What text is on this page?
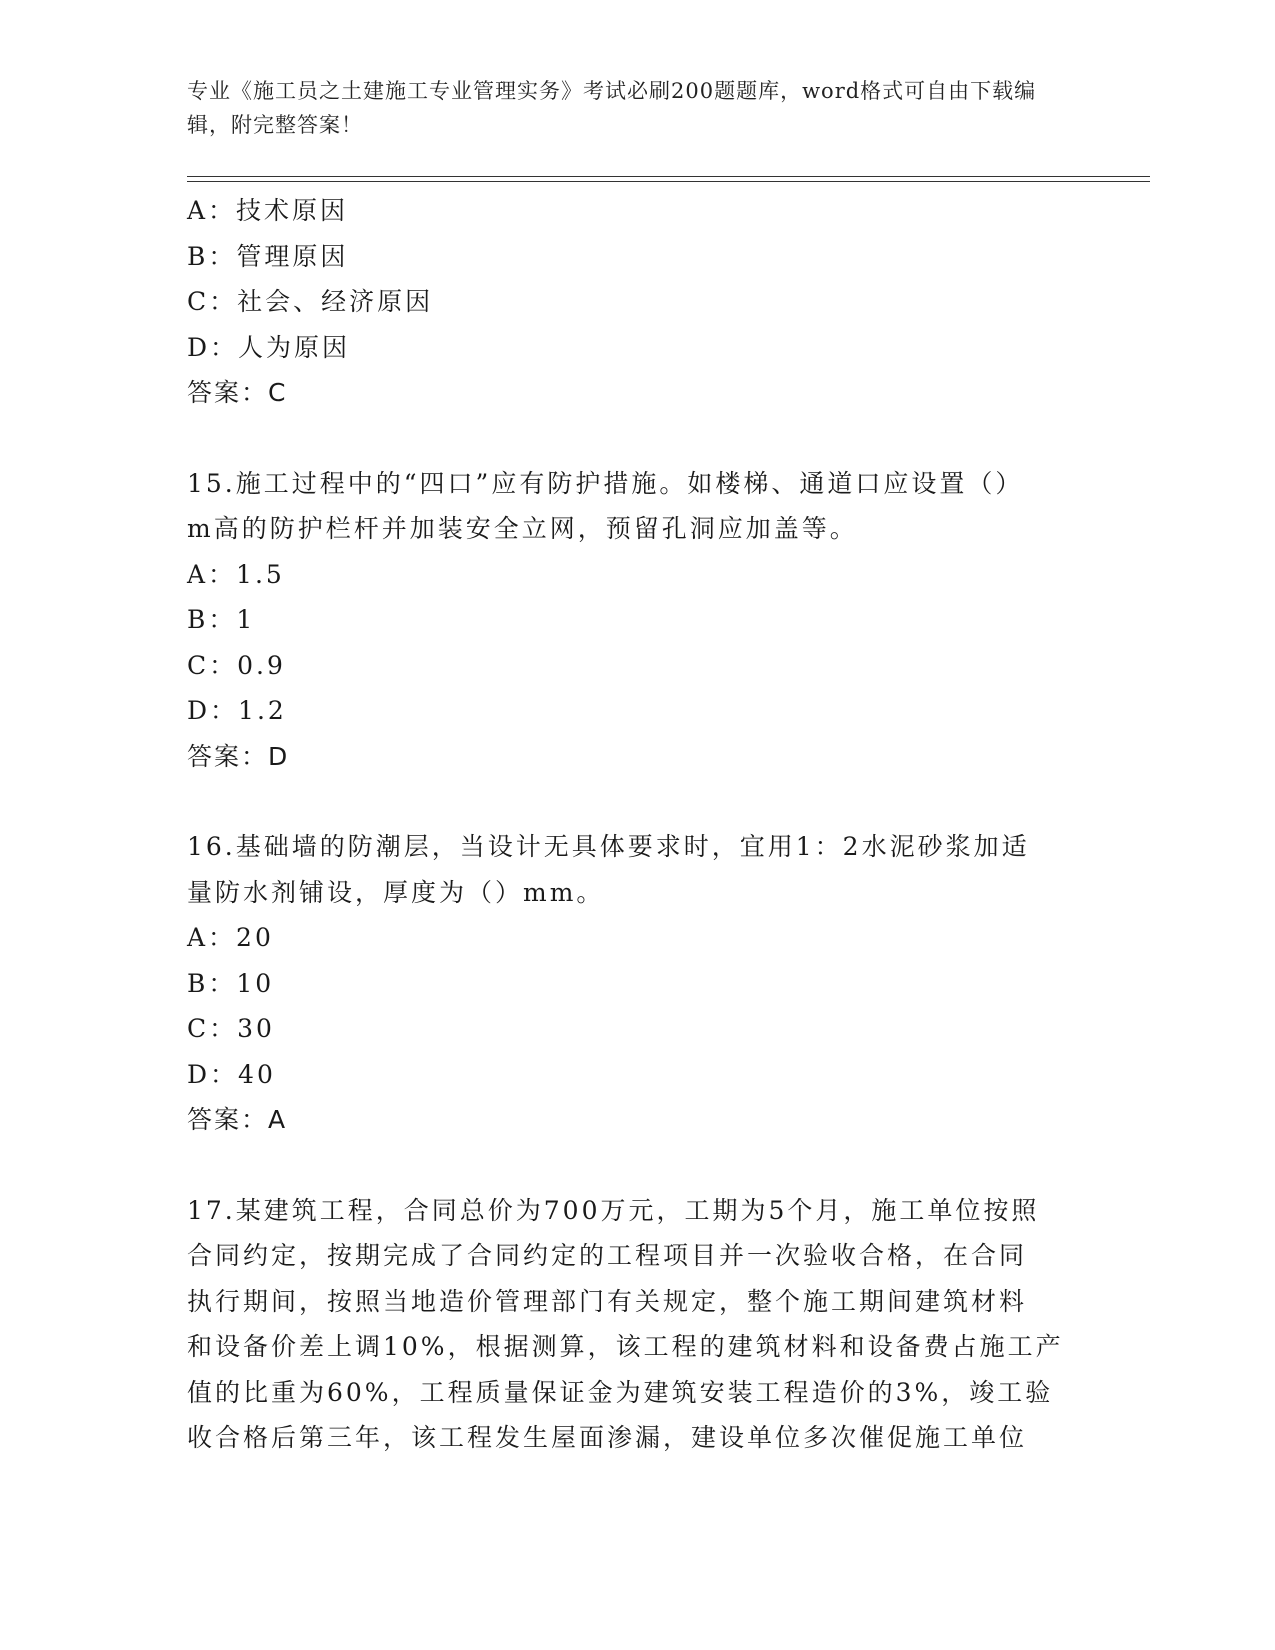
专业《施工员之土建施工专业管理实务》考试必刷200题题库，word格式可自由下载编辑，附完整答案！
A：技术原因
B：管理原因
C：社会、经济原因
D：人为原因
答案：C
15.施工过程中的“四口”应有防护措施。如楼梯、通道口应设置（）
m高的防护栏杆并加装安全立网，预留孔洞应加盖等。
A：1.5
B：1
C：0.9
D：1.2
答案：D
16.基础墙的防潮层，当设计无具体要求时，宜用1：2水泥砂浆加适
量防水剂铺设，厚度为（）mm。
A：20
B：10
C：30
D：40
答案：A
17.某建筑工程，合同总价为700万元，工期为5个月，施工单位按照
合同约定，按期完成了合同约定的工程项目并一次验收合格，在合同
执行期间，按照当地造价管理部门有关规定，整个施工期间建筑材料
和设备价差上调10%，根据测算，该工程的建筑材料和设备费占施工产
值的比重为60%，工程质量保证金为建筑安装工程造价的3%，竣工验
收合格后第三年，该工程发生屋面渗漏，建设单位多次催促施工单位
